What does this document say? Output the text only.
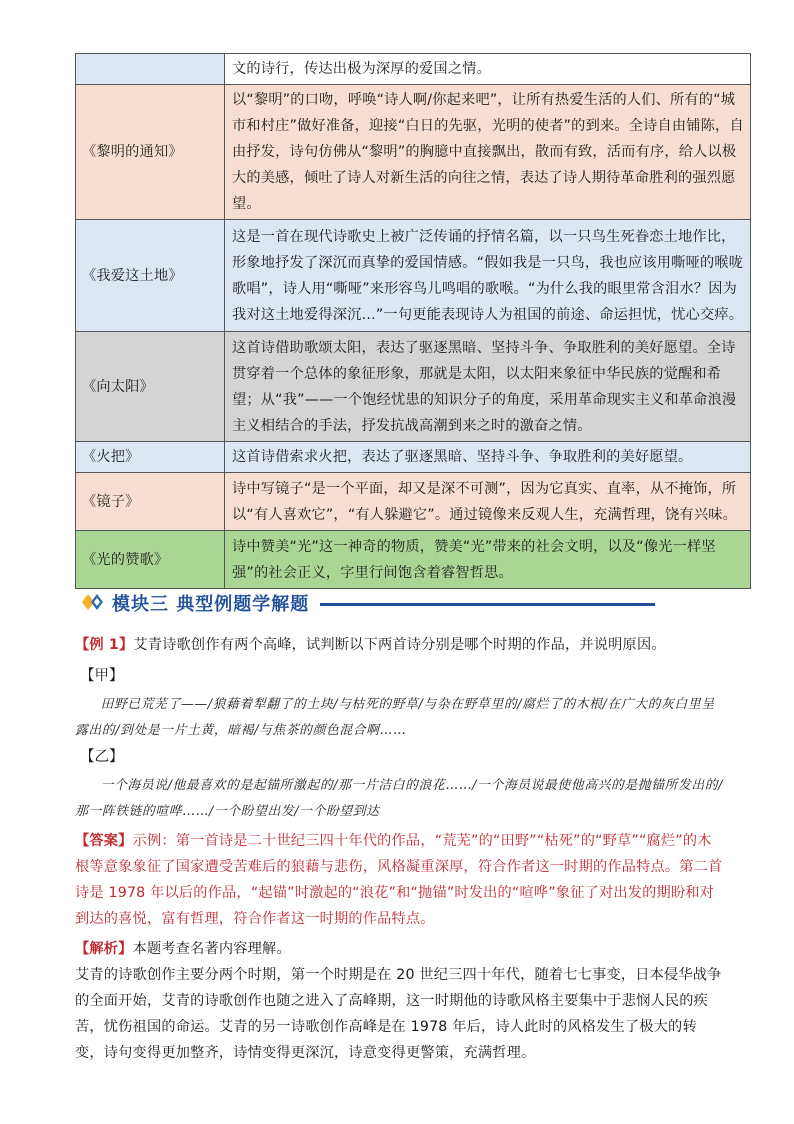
	文的诗行，传达出极为深厚的爱国之情。
《黎明的通知》	以“黎明”的口吻，呼唤“诗人啊/你起来吧”，让所有热爱生活的人们、所有的“城市和村庄”做好准备，迎接“白日的先驱，光明的使者”的到来。全诗自由铺陈，自由抒发，诗句仿佛从“黎明”的胸臆中直接飘出，散而有致，活而有序，给人以极大的美感，倾吐了诗人对新生活的向往之情，表达了诗人期待革命胜利的强烈愿望。
《我爱这土地》	这是一首在现代诗歌史上被广泛传诵的抒情名篇，以一只鸟生死眷恋土地作比，形象地抒发了深沉而真挚的爱国情感。“假如我是一只鸟，我也应该用嘶哑的喉咙歌唱”，诗人用“嘶哑”来形容鸟儿鸣唱的歌喉。“为什么我的眼里常含泪水？因为我对这土地爱得深沉…”一句更能表现诗人为祖国的前途、命运担忧，忧心交瘁。
《向太阳》	这首诗借助歌颂太阳，表达了驱逐黑暗、坚持斗争、争取胜利的美好愿望。全诗贯穿着一个总体的象征形象，那就是太阳，以太阳来象征中华民族的觉醒和希望；从“我”——一个饱经忧患的知识分子的角度，采用革命现实主义和革命浪漫主义相结合的手法，抒发抗战高潮到来之时的激奋之情。
《火把》	这首诗借索求火把，表达了驱逐黑暗、坚持斗争、争取胜利的美好愿望。
《镜子》	诗中写镜子“是一个平面，却又是深不可测”，因为它真实、直率，从不掩饰，所以“有人喜欢它”，“有人躲避它”。通过镜像来反观人生，充满哲理，饶有兴味。
《光的赞歌》	诗中赞美“光”这一神奇的物质，赞美“光”带来的社会文明，以及“像光一样坚强”的社会正义，字里行间饱含着睿智哲思。
模块三 典型例题学解题
【例 1】艾青诗歌创作有两个高峰，试判断以下两首诗分别是哪个时期的作品，并说明原因。
【甲】
田野已荒芜了——/狼藉着犁翻了的土块/与枯死的野草/与杂在野草里的/腐烂了的木根/在广大的灰白里呈露出的/到处是一片土黄，暗褐/与焦茶的颜色混合啊……
【乙】
一个海员说/他最喜欢的是起锚所激起的/那一片洁白的浪花……/一个海员说最使他高兴的是抛锚所发出的/那一阵铁链的喧哗……/一个盼望出发/一个盼望到达
【答案】示例：第一首诗是二十世纪三四十年代的作品，“荒芜”的“田野”“枯死”的“野草”“腐烂”的木根等意象象征了国家遭受苦难后的狼藉与悲伤，风格凝重深厚，符合作者这一时期的作品特点。第二首诗是 1978 年以后的作品，“起锚”时激起的“浪花”和“抛锚”时发出的“喧哗”象征了对出发的期盼和对到达的喜悦，富有哲理，符合作者这一时期的作品特点。
【解析】本题考查名著内容理解。
艾青的诗歌创作主要分两个时期，第一个时期是在 20 世纪三四十年代，随着七七事变，日本侵华战争的全面开始，艾青的诗歌创作也随之进入了高峰期，这一时期他的诗歌风格主要集中于悲悯人民的疾苦，忧伤祖国的命运。艾青的另一诗歌创作高峰是在 1978 年后，诗人此时的风格发生了极大的转变，诗句变得更加整齐，诗情变得更深沉，诗意变得更警策，充满哲理。
